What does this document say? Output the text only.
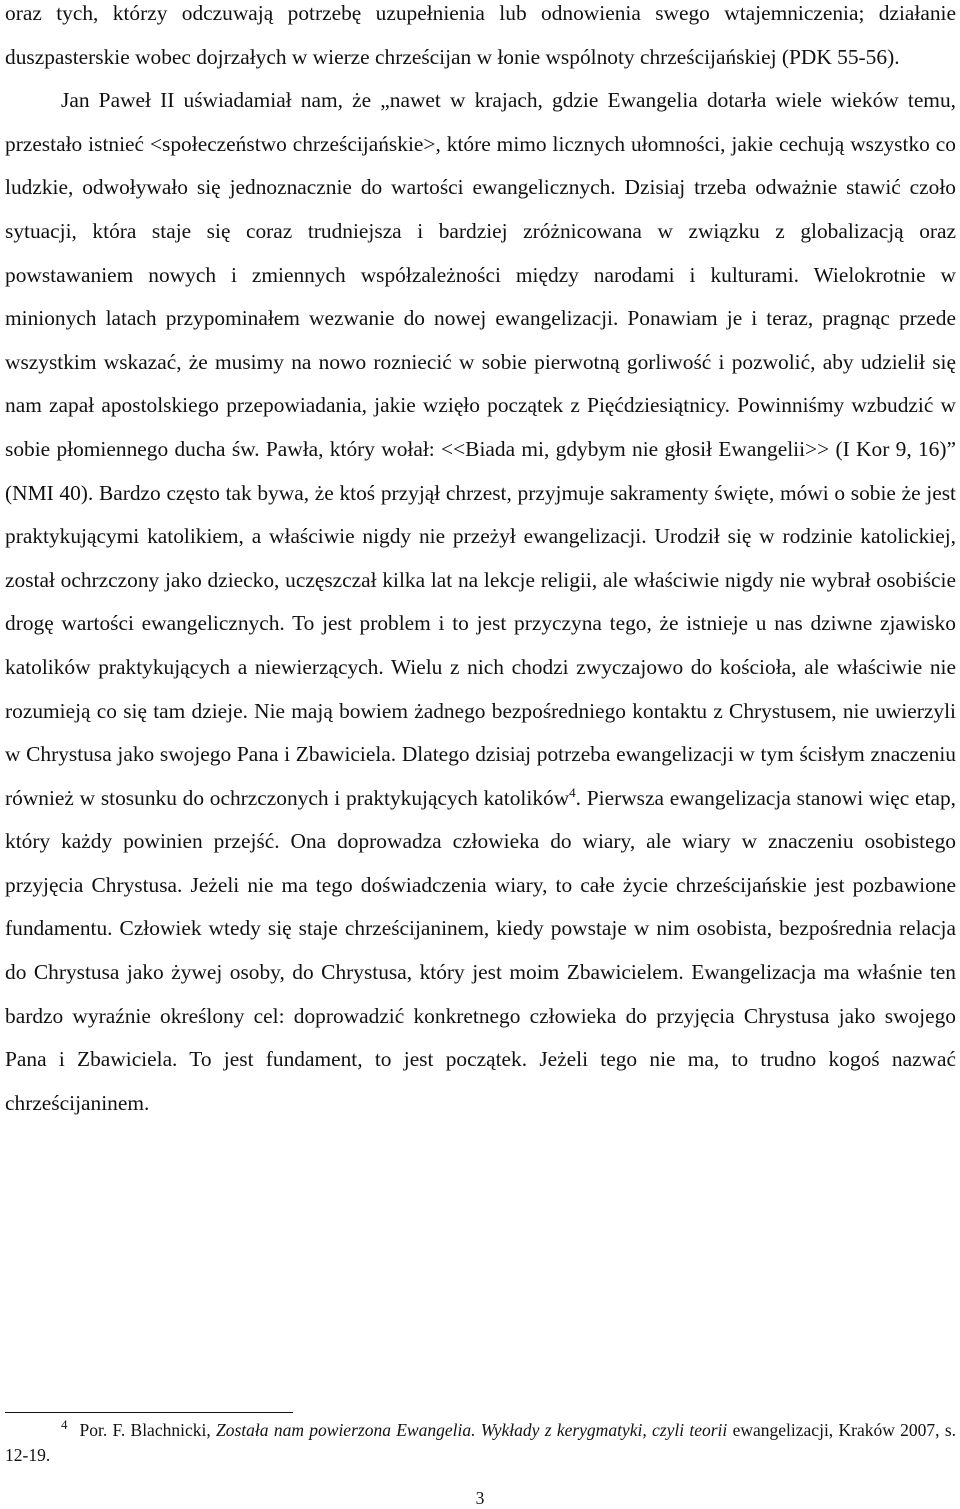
oraz tych, którzy odczuwają potrzebę uzupełnienia lub odnowienia swego wtajemniczenia; działanie duszpasterskie wobec dojrzałych w wierze chrześcijan w łonie wspólnoty chrześcijańskiej (PDK 55-56).

Jan Paweł II uświadamiał nam, że „nawet w krajach, gdzie Ewangelia dotarła wiele wieków temu, przestało istnieć <społeczeństwo chrześcijańskie>, które mimo licznych ułomności, jakie cechują wszystko co ludzkie, odwoływało się jednoznacznie do wartości ewangelicznych. Dzisiaj trzeba odważnie stawić czoło sytuacji, która staje się coraz trudniejsza i bardziej zróżnicowana w związku z globalizacją oraz powstawaniem nowych i zmiennych współzależności między narodami i kulturami. Wielokrotnie w minionych latach przypominałem wezwanie do nowej ewangelizacji. Ponawiam je i teraz, pragnąc przede wszystkim wskazać, że musimy na nowo rozniecić w sobie pierwotną gorliwość i pozwolić, aby udzielił się nam zapał apostolskiego przepowiadania, jakie wzięło początek z Pięćdziesiątnicy. Powinniśmy wzbudzić w sobie płomiennego ducha św. Pawła, który wołał: <<Biada mi, gdybym nie głosił Ewangelii>> (I Kor 9, 16)” (NMI 40). Bardzo często tak bywa, że ktoś przyjął chrzest, przyjmuje sakramenty święte, mówi o sobie że jest praktykującymi katolikiem, a właściwie nigdy nie przeżył ewangelizacji. Urodził się w rodzinie katolickiej, został ochrzczony jako dziecko, uczęszczał kilka lat na lekcje religii, ale właściwie nigdy nie wybrał osobiście drogę wartości ewangelicznych. To jest problem i to jest przyczyna tego, że istnieje u nas dziwne zjawisko katolików praktykujących a niewierzących. Wielu z nich chodzi zwyczajowo do kościoła, ale właściwie nie rozumieją co się tam dzieje. Nie mają bowiem żadnego bezpośredniego kontaktu z Chrystusem, nie uwierzyli w Chrystusa jako swojego Pana i Zbawiciela. Dlatego dzisiaj potrzeba ewangelizacji w tym ścisłym znaczeniu również w stosunku do ochrzczonych i praktykujących katolików$^4$. Pierwsza ewangelizacja stanowi więc etap, który każdy powinien przejść. Ona doprowadza człowieka do wiary, ale wiary w znaczeniu osobistego przyjęcia Chrystusa. Jeżeli nie ma tego doświadczenia wiary, to całe życie chrześcijańskie jest pozbawione fundamentu. Człowiek wtedy się staje chrześcijaninem, kiedy powstaje w nim osobista, bezpośrednia relacja do Chrystusa jako żywej osoby, do Chrystusa, który jest moim Zbawicielem. Ewangelizacja ma właśnie ten bardzo wyraźnie określony cel: doprowadzić konkretnego człowieka do przyjęcia Chrystusa jako swojego Pana i Zbawiciela. To jest fundament, to jest początek. Jeżeli tego nie ma, to trudno kogoś nazwać chrześcijaninem.

$^4$ Por. F. Blachnicki, Została nam powierzona Ewangelia. Wykłady z kerygmatyki, czyli teorii ewangelizacji, Kraków 2007, s. 12-19.

3
